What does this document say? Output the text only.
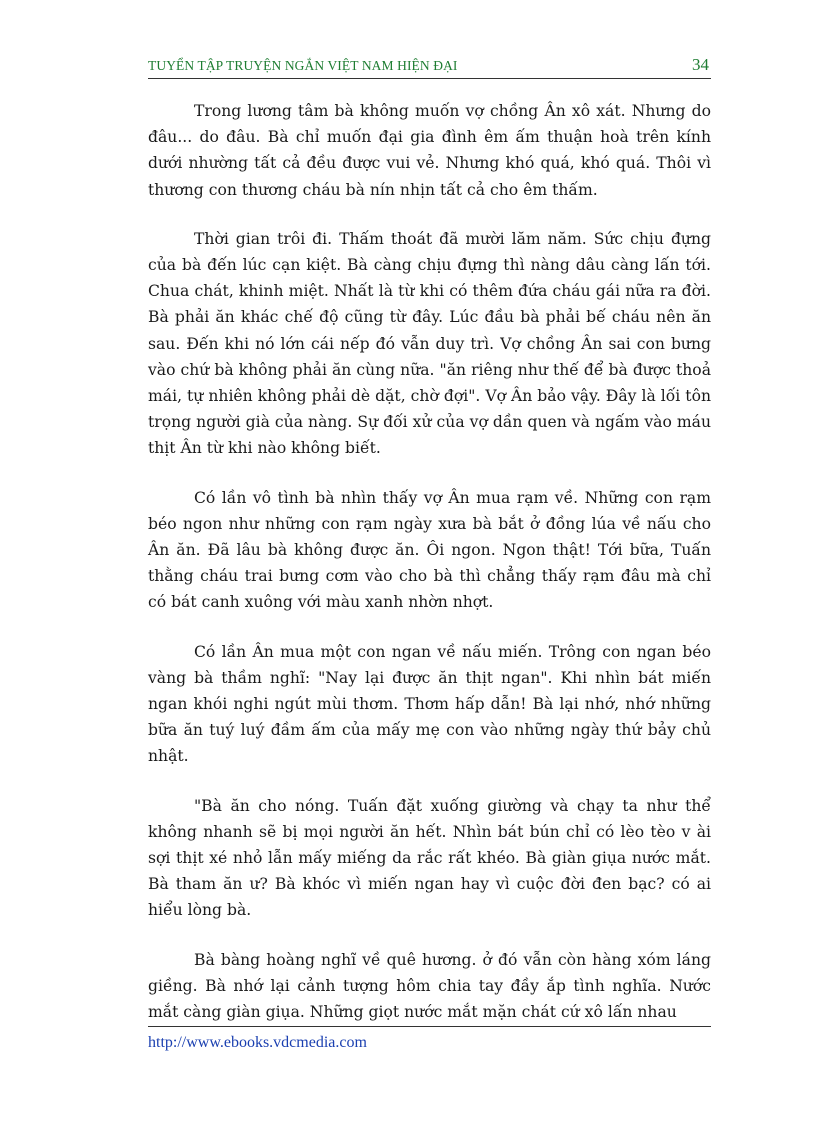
TUYỂN TẬP TRUYỆN NGẮN VIỆT NAM HIỆN ĐẠI	34

Trong lương tâm bà không muốn vợ chồng Ân xô xát. Nhưng do đâu... do đâu. Bà chỉ muốn đại gia đình êm ấm thuận hoà trên kính dưới nhường tất cả đều được vui vẻ. Nhưng khó quá, khó quá. Thôi vì thương con thương cháu bà nín nhịn tất cả cho êm thấm.

Thời gian trôi đi. Thấm thoát đã mười lăm năm. Sức chịu đựng của bà đến lúc cạn kiệt. Bà càng chịu đựng thì nàng dâu càng lấn tới. Chua chát, khinh miệt. Nhất là từ khi có thêm đứa cháu gái nữa ra đời. Bà phải ăn khác chế độ cũng từ đây. Lúc đầu bà phải bế cháu nên ăn sau. Đến khi nó lớn cái nếp đó vẫn duy trì. Vợ chồng Ân sai con bưng vào chứ bà không phải ăn cùng nữa. "ăn riêng như thế để bà được thoả mái, tự nhiên không phải dè dặt, chờ đợi". Vợ Ân bảo vậy. Đây là lối tôn trọng người già của nàng. Sự đối xử của vợ dần quen và ngấm vào máu thịt Ân từ khi nào không biết.

Có lần vô tình bà nhìn thấy vợ Ân mua rạm về. Những con rạm béo ngon như những con rạm ngày xưa bà bắt ở đồng lúa về nấu cho Ân ăn. Đã lâu bà không được ăn. Ôi ngon. Ngon thật! Tới bữa, Tuấn thằng cháu trai bưng cơm vào cho bà thì chẳng thấy rạm đâu mà chỉ có bát canh xuông với màu xanh nhờn nhợt.

Có lần Ân mua một con ngan về nấu miến. Trông con ngan béo vàng bà thầm nghĩ: "Nay lại được ăn thịt ngan". Khi nhìn bát miến ngan khói nghi ngút mùi thơm. Thơm hấp dẫn! Bà lại nhớ, nhớ những bữa ăn tuý luý đầm ấm của mấy mẹ con vào những ngày thứ bảy chủ nhật.

"Bà ăn cho nóng. Tuấn đặt xuống giường và chạy ta như thể không nhanh sẽ bị mọi người ăn hết. Nhìn bát bún chỉ có lèo tèo v ài sợi thịt xé nhỏ lẫn mấy miếng da rắc rất khéo. Bà giàn giụa nước mắt. Bà tham ăn ư? Bà khóc vì miến ngan hay vì cuộc đời đen bạc? có ai hiểu lòng bà.

Bà bàng hoàng nghĩ về quê hương. ở đó vẫn còn hàng xóm láng giềng. Bà nhớ lại cảnh tượng hôm chia tay đầy ắp tình nghĩa. Nước mắt càng giàn giụa. Những giọt nước mắt mặn chát cứ xô lấn nhau

http://www.ebooks.vdcmedia.com
